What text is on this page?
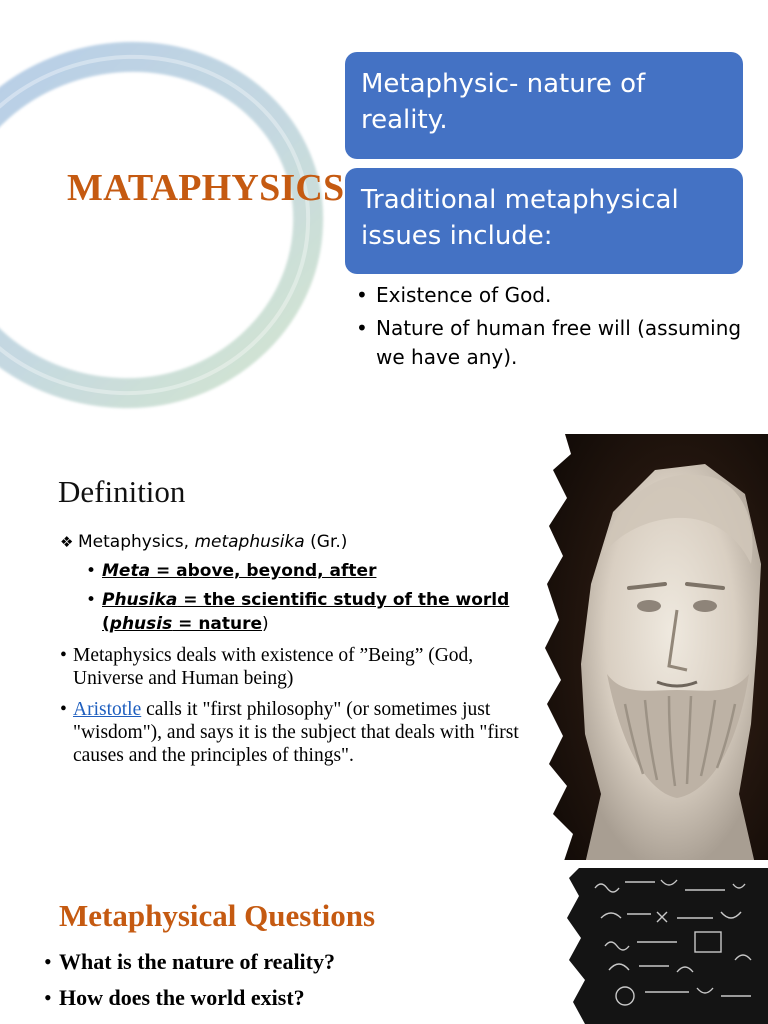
MATAPHYSICS
Metaphysic- nature of reality.
Traditional metaphysical issues include:
• Existence of God.
• Nature of human free will (assuming we have any).
Definition
❖ Metaphysics, metaphusika (Gr.)
• Meta = above, beyond, after
• Phusika = the scientific study of the world (phusis = nature)
• Metaphysics deals with existence of ”Being” (God, Universe and Human being)
• Aristotle calls it "first philosophy" (or sometimes just "wisdom"), and says it is the subject that deals with "first causes and the principles of things".
Metaphysical Questions
• What is the nature of reality?
• How does the world exist?
